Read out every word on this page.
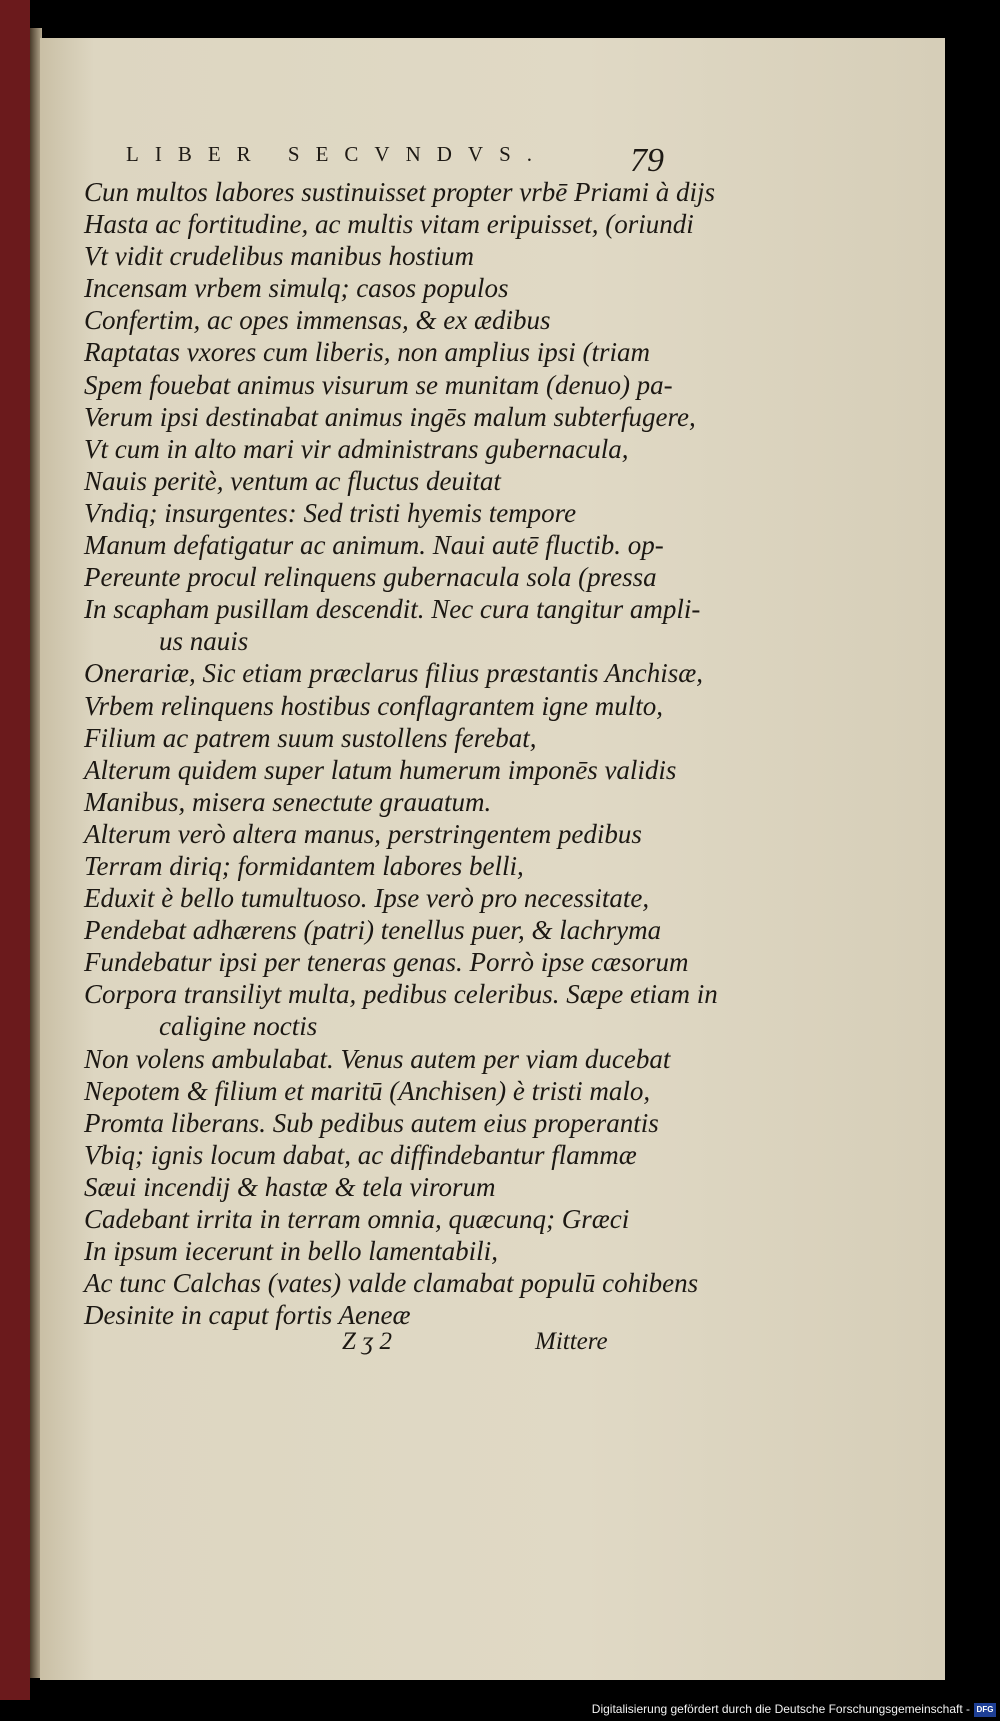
LIBER SECVNDVS.	79
Cun multos labores sustinuisset propter vrbē Priami à dijs
Hasta ac fortitudine, ac multis vitam eripuisset, (oriundi
Vt vidit crudelibus manibus hostium
Incensam vrbem simulq; casos populos
Confertim, ac opes immensas, & ex ædibus
Raptatas vxores cum liberis, non amplius ipsi (triam
Spem fouebat animus visurum se munitam (denuo) pa-
Verum ipsi destinabat animus ingēs malum subterfugere,
Vt cum in alto mari vir administrans gubernacula,
Nauis peritè, ventum ac fluctus deuitat
Vndiq; insurgentes: Sed tristi hyemis tempore
Manum defatigatur ac animum. Naui autē fluctib. op-
Pereunte procul relinquens gubernacula sola (pressa
In scapham pusillam descendit. Nec cura tangitur ampli-
us nauis
Onerariæ, Sic etiam præclarus filius præstantis Anchisæ,
Vrbem relinquens hostibus conflagrantem igne multo,
Filium ac patrem suum sustollens ferebat,
Alterum quidem super latum humerum imponēs validis
Manibus, misera senectute grauatum.
Alterum verò altera manus, perstringentem pedibus
Terram diriq; formidantem labores belli,
Eduxit è bello tumultuoso. Ipse verò pro necessitate,
Pendebat adhærens (patri) tenellus puer, & lachryma
Fundebatur ipsi per teneras genas. Porrò ipse cæsorum
Corpora transiliyt multa, pedibus celeribus. Sæpe etiam in
caligine noctis
Non volens ambulabat. Venus autem per viam ducebat
Nepotem & filium et maritū (Anchisen) è tristi malo,
Promta liberans. Sub pedibus autem eius properantis
Vbiq; ignis locum dabat, ac diffindebantur flammæ
Sæui incendij & hastæ & tela virorum
Cadebant irrita in terram omnia, quæcunq; Græci
In ipsum iecerunt in bello lamentabili,
Ac tunc Calchas (vates) valde clamabat populū cohibens
Desinite in caput fortis Aeneæ
Z ʒ 2	Mittere
Digitalisierung gefördert durch die Deutsche Forschungsgemeinschaft - DFG
